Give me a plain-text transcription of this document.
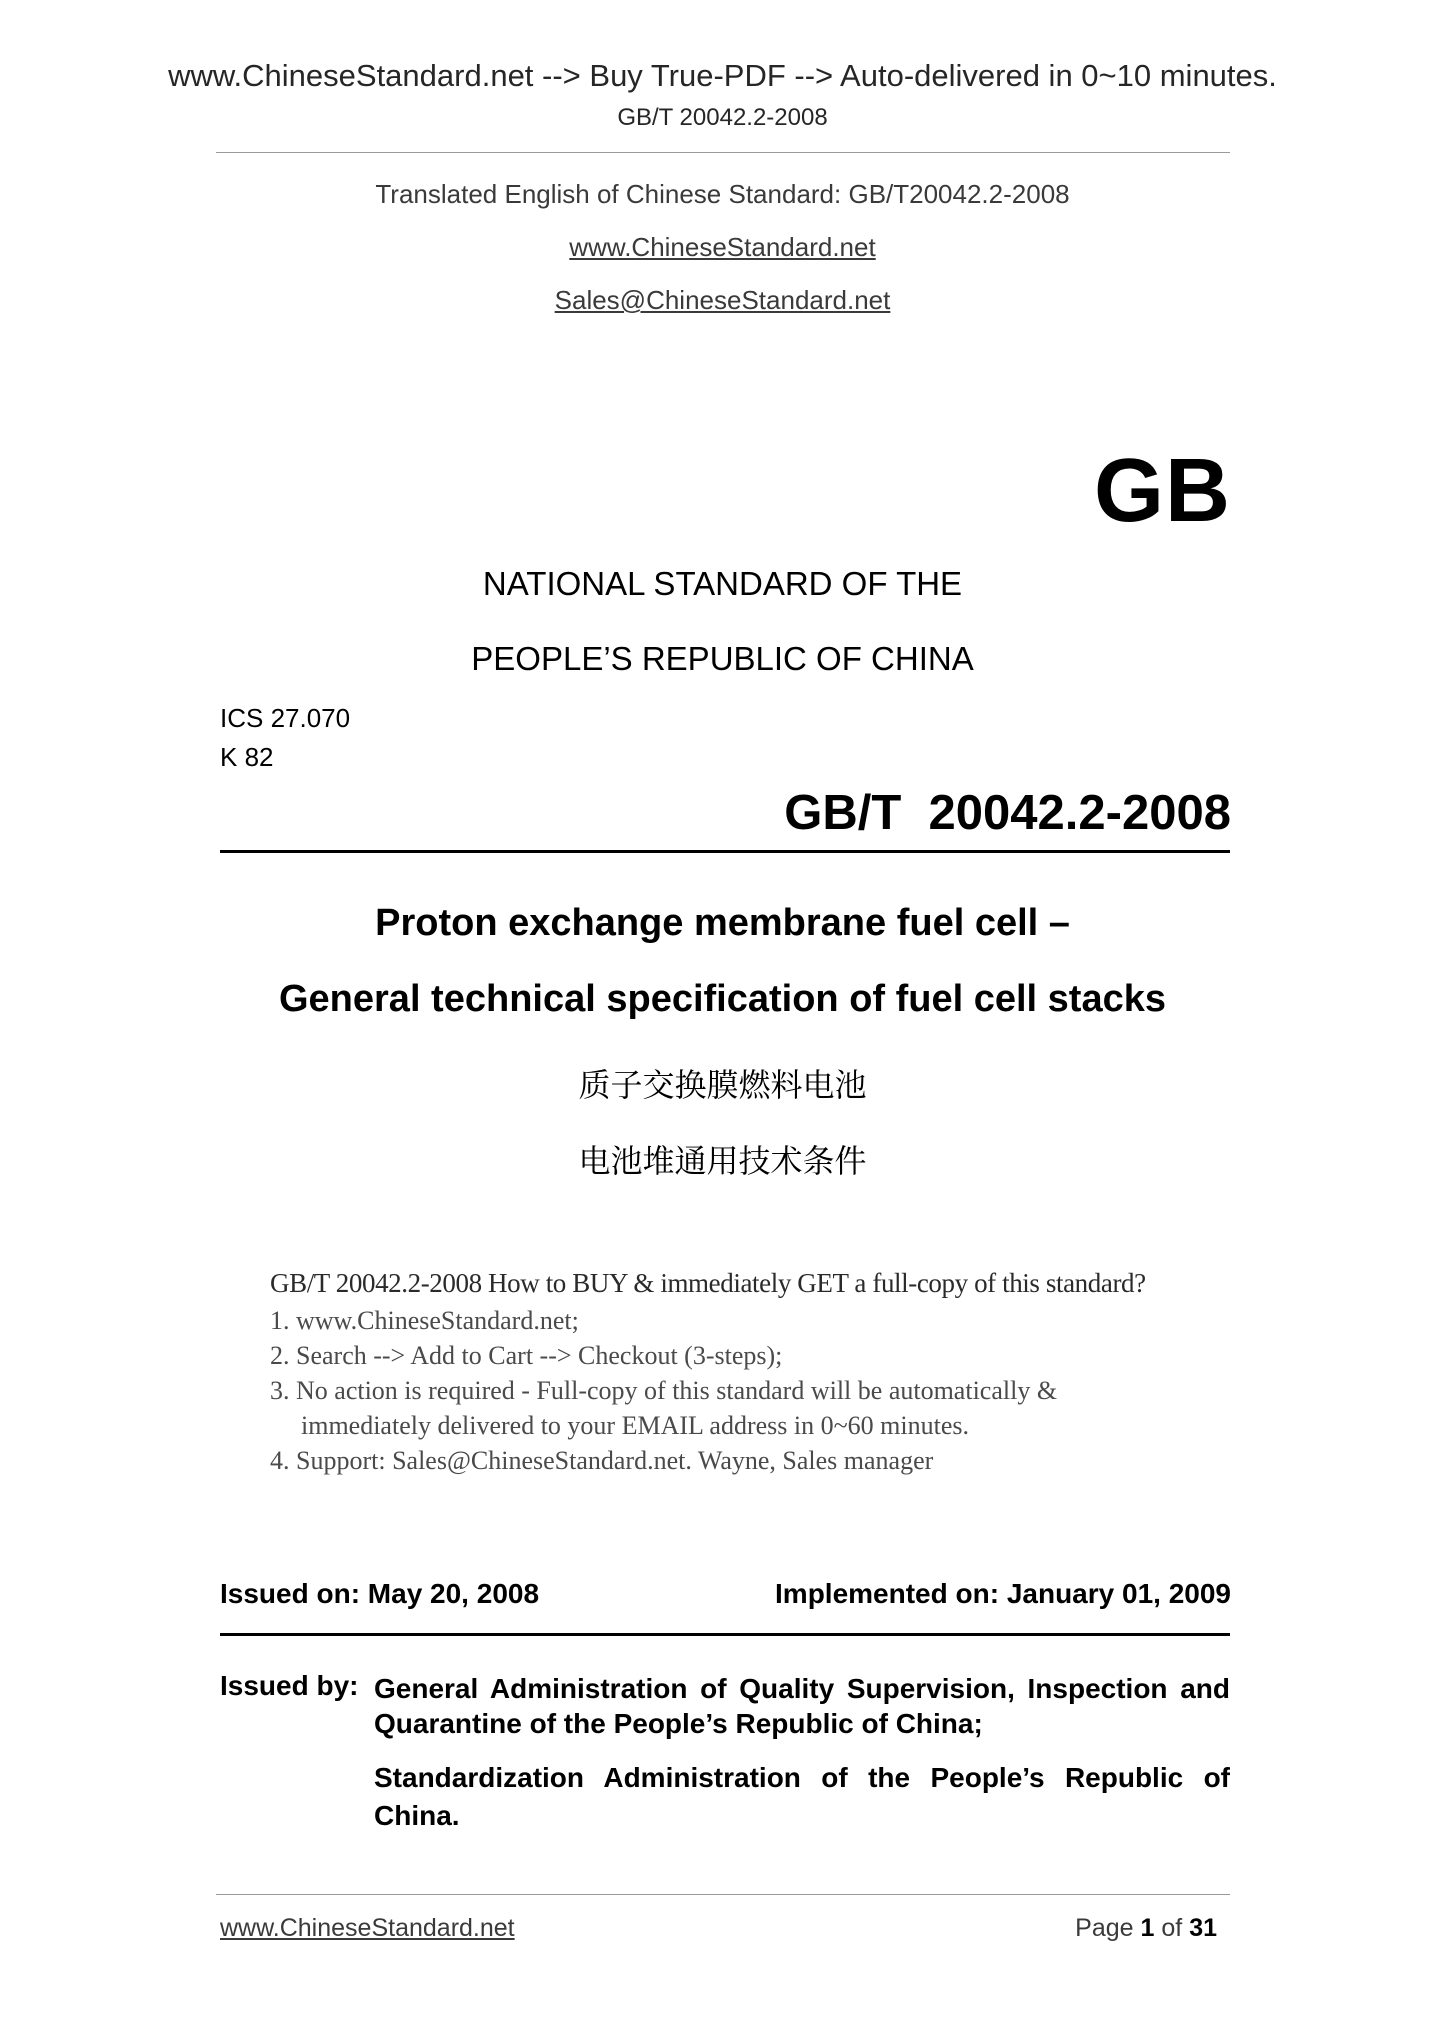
www.ChineseStandard.net --> Buy True-PDF --> Auto-delivered in 0~10 minutes.
GB/T 20042.2-2008
Translated English of Chinese Standard: GB/T20042.2-2008
www.ChineseStandard.net
Sales@ChineseStandard.net
GB
NATIONAL STANDARD OF THE
PEOPLE’S REPUBLIC OF CHINA
ICS 27.070
K 82
GB/T  20042.2-2008
Proton exchange membrane fuel cell –
General technical specification of fuel cell stacks
质子交换膜燃料电池
电池堆通用技术条件
GB/T 20042.2-2008 How to BUY & immediately GET a full-copy of this standard?
1. www.ChineseStandard.net;
2. Search --> Add to Cart --> Checkout (3-steps);
3. No action is required - Full-copy of this standard will be automatically &
immediately delivered to your EMAIL address in 0~60 minutes.
4. Support: Sales@ChineseStandard.net. Wayne, Sales manager
Issued on: May 20, 2008	Implemented on: January 01, 2009
Issued by: General Administration of Quality Supervision, Inspection and
Quarantine of the People’s Republic of China;
Standardization Administration of the People’s Republic of
China.
www.ChineseStandard.net	Page 1 of 31
